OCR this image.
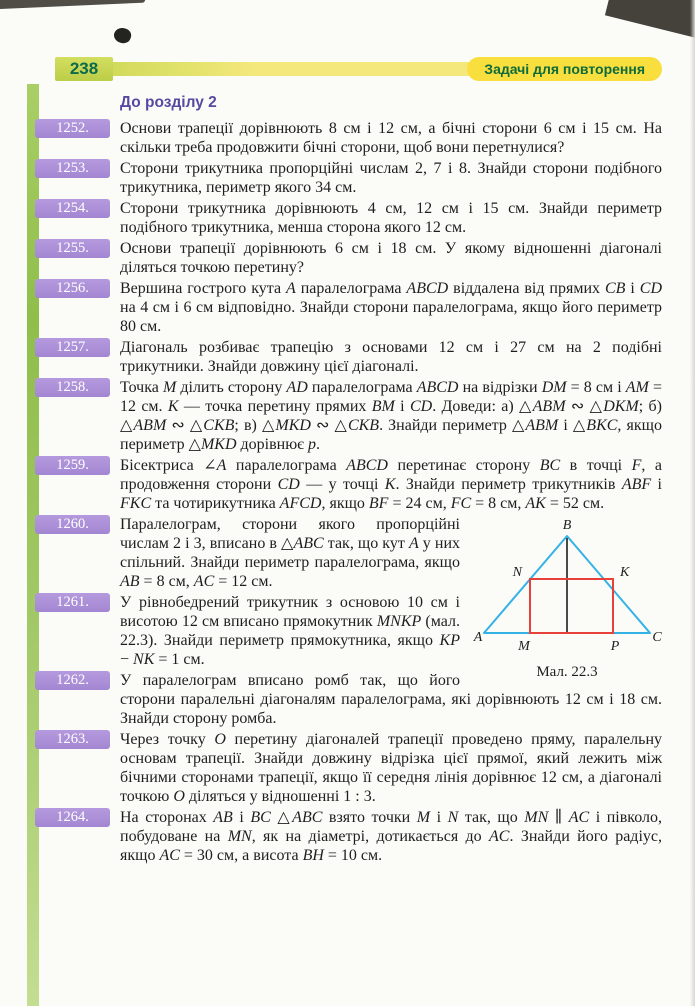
238	Задачі для повторення
До розділу 2
1252.	Основи трапеції дорівнюють 8 см і 12 см, а бічні сторони 6 см і 15 см. На скільки треба продовжити бічні сторони, щоб вони перетнулися?
1253.	Сторони трикутника пропорційні числам 2, 7 і 8. Знайди сторони подібного трикутника, периметр якого 34 см.
1254.	Сторони трикутника дорівнюють 4 см, 12 см і 15 см. Знайди периметр подібного трикутника, менша сторона якого 12 см.
1255.	Основи трапеції дорівнюють 6 см і 18 см. У якому відношенні діагоналі діляться точкою перетину?
1256.	Вершина гострого кута A паралелограма ABCD віддалена від прямих CB і CD на 4 см і 6 см відповідно. Знайди сторони паралелограма, якщо його периметр 80 см.
1257.	Діагональ розбиває трапецію з основами 12 см і 27 см на 2 подібні трикутники. Знайди довжину цієї діагоналі.
1258.	Точка M ділить сторону AD паралелограма ABCD на відрізки DM = 8 см і AM = 12 см. K — точка перетину прямих BM і CD. Доведи: а) △ABM ∾ △DKM; б) △ABM ∾ △CKB; в) △MKD ∾ △CKB. Знайди периметр △ABM і △BKC, якщо периметр △MKD дорівнює p.
1259.	Бісектриса ∠A паралелограма ABCD перетинає сторону BC в точці F, а продовження сторони CD — у точці K. Знайди периметр трикутників ABF і FKC та чотирикутника AFCD, якщо BF = 24 см, FC = 8 см, AK = 52 см.
1260.	B
N	K
A
M	P
C
Мал. 22.3
Паралелограм, сторони якого пропорційні числам 2 і 3, вписано в △ABC так, що кут A у них спільний. Знайди периметр паралелограма, якщо AB = 8 см, AC = 12 см.
1261.	У рівнобедрений трикутник з основою 10 см і висотою 12 см вписано прямокутник MNKP (мал. 22.3). Знайди периметр прямокутника, якщо KP − NK = 1 см.
1262.	У паралелограм вписано ромб так, що його сторони паралельні діагоналям паралелограма, які дорівнюють 12 см і 18 см. Знайди сторону ромба.
1263.	Через точку O перетину діагоналей трапеції проведено пряму, паралельну основам трапеції. Знайди довжину відрізка цієї прямої, який лежить між бічними сторонами трапеції, якщо її середня лінія дорівнює 12 см, а діагоналі точкою O діляться у відношенні 1 : 3.
1264.	На сторонах AB і BC △ABC взято точки M і N так, що MN ∥ AC і півколо, побудоване на MN, як на діаметрі, дотикається до AC. Знайди його радіус, якщо AC = 30 см, а висота BH = 10 см.
